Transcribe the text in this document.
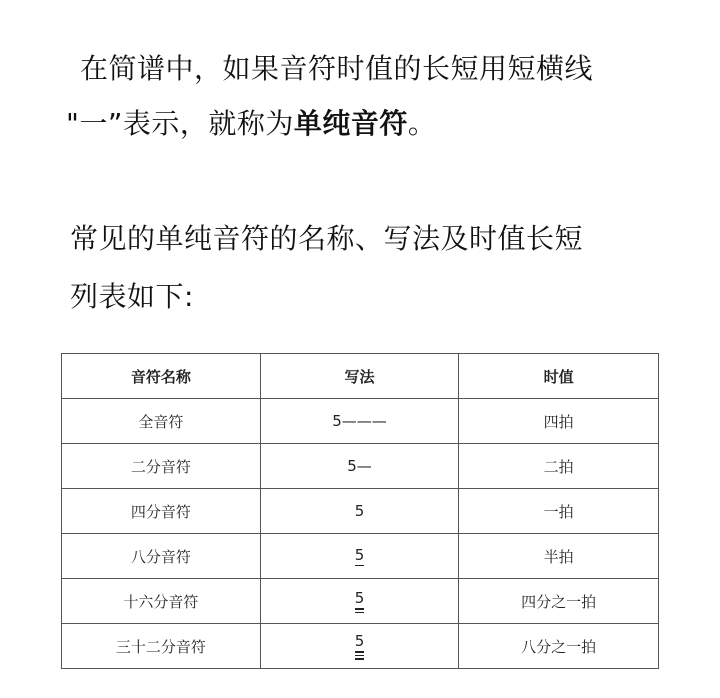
在简谱中，如果音符时值的长短用短横线
"一”表示，就称为单纯音符。
常见的单纯音符的名称、写法及时值长短
列表如下:
音符名称	写法	时值
全音符	5———	四拍
二分音符	5—	二拍
四分音符	5	一拍
八分音符	5	半拍
十六分音符	5	四分之一拍
三十二分音符	5	八分之一拍
